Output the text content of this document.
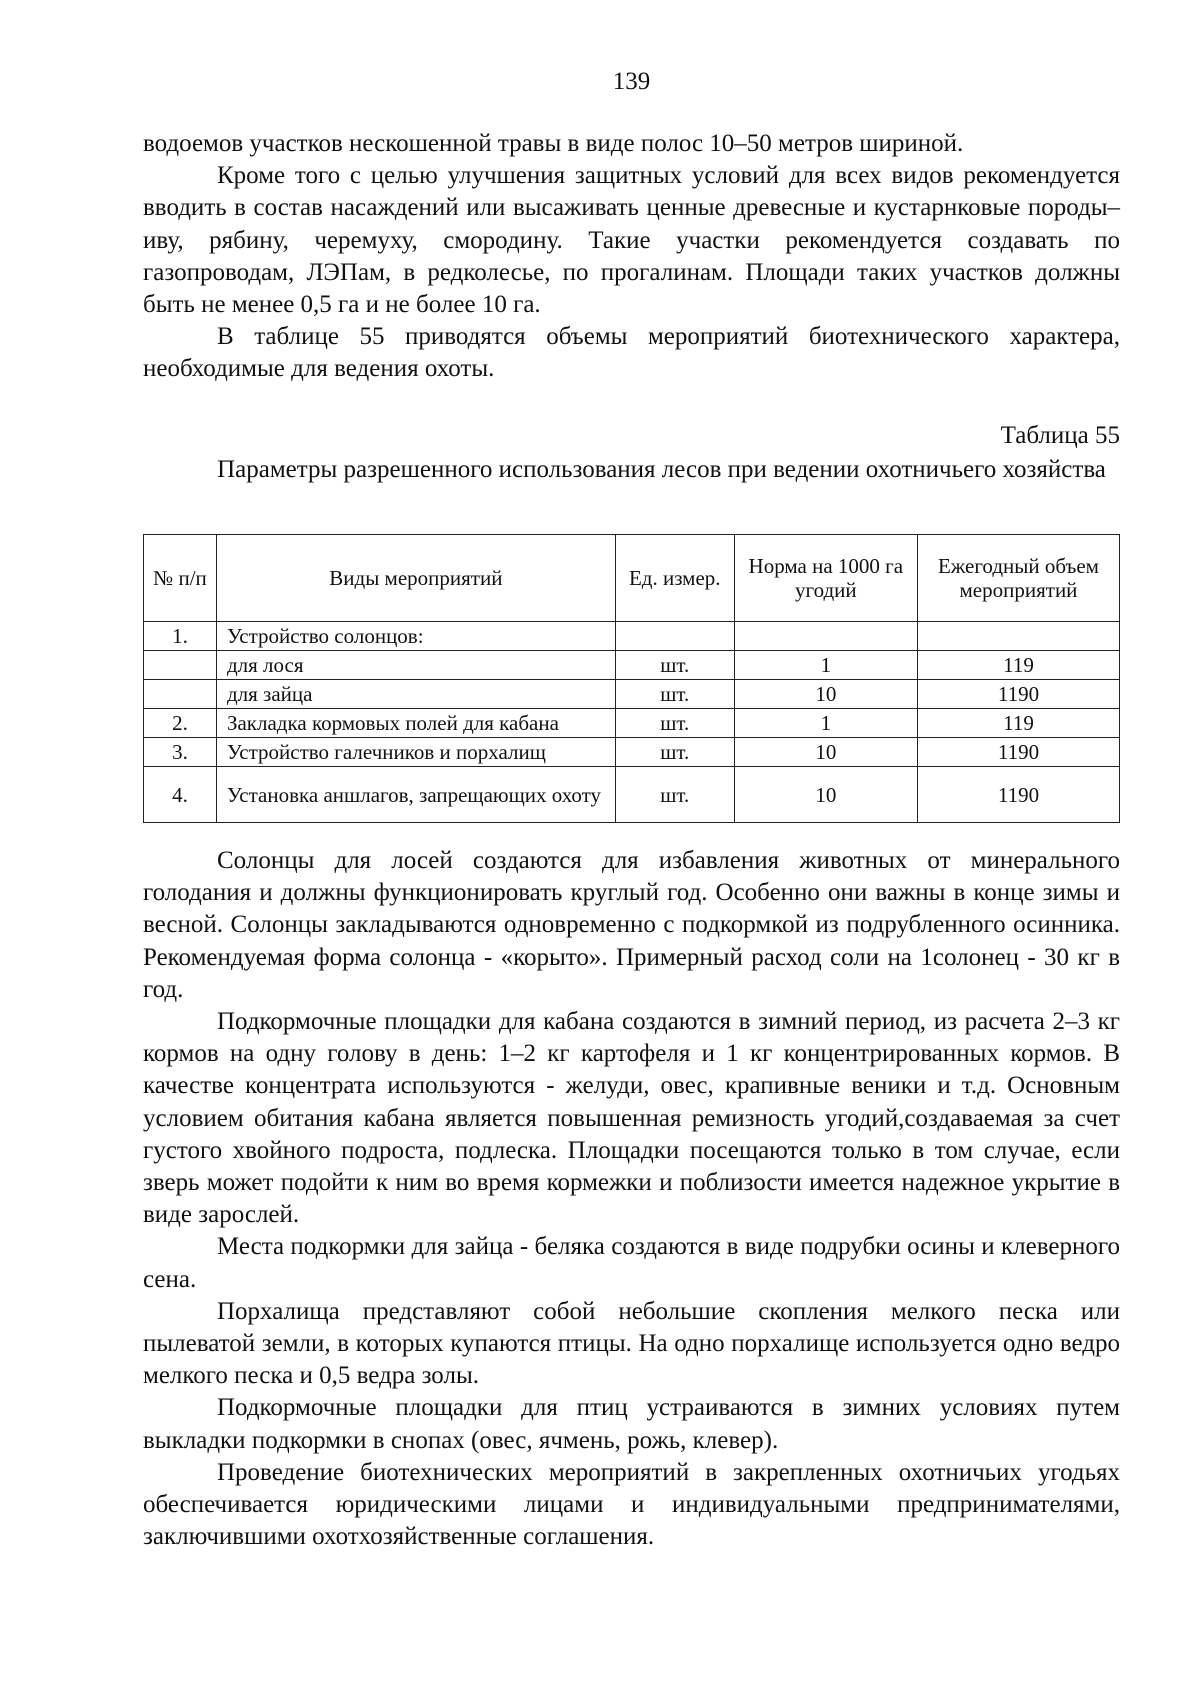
139

водоемов участков нескошенной травы в виде полос 10–50 метров шириной.

Кроме того с целью улучшения защитных условий для всех видов рекомендуется вводить в состав насаждений или высаживать ценные древесные и кустарнковые породы–иву, рябину, черемуху, смородину. Такие участки рекомендуется создавать по газопроводам, ЛЭПам, в редколесье, по прогалинам. Площади таких участков должны быть не менее 0,5 га и не более 10 га.

В таблице 55 приводятся объемы мероприятий биотехнического характера, необходимые для ведения охоты.

Таблица 55
Параметры разрешенного использования лесов при ведении охотничьего хозяйства
№ п/п	Виды мероприятий	Ед. измер.	Норма на 1000 га угодий	Ежегодный объем мероприятий
1.	Устройство солонцов:			
	для лося	шт.	1	119
	для зайца	шт.	10	1190
2.	Закладка кормовых полей для кабана	шт.	1	119
3.	Устройство галечников и порхалищ	шт.	10	1190
4.	Установка аншлагов, запрещающих охоту	шт.	10	1190

Солонцы для лосей создаются для избавления животных от минерального голодания и должны функционировать круглый год. Особенно они важны в конце зимы и весной. Солонцы закладываются одновременно с подкормкой из подрубленного осинника. Рекомендуемая форма солонца - «корыто». Примерный расход соли на 1солонец - 30 кг в год.

Подкормочные площадки для кабана создаются в зимний период, из расчета 2–3 кг кормов на одну голову в день: 1–2 кг картофеля и 1 кг концентрированных кормов. В качестве концентрата используются - желуди, овес, крапивные веники и т.д. Основным условием обитания кабана является повышенная ремизность угодий,создаваемая за счет густого хвойного подроста, подлеска. Площадки посещаются только в том случае, если зверь может подойти к ним во время кормежки и поблизости имеется надежное укрытие в виде зарослей.

Места подкормки для зайца - беляка создаются в виде подрубки осины и клеверного сена.

Порхалища представляют собой небольшие скопления мелкого песка или пылеватой земли, в которых купаются птицы. На одно порхалище используется одно ведро мелкого песка и 0,5 ведра золы.

Подкормочные площадки для птиц устраиваются в зимних условиях путем выкладки подкормки в снопах (овес, ячмень, рожь, клевер).

Проведение биотехнических мероприятий в закрепленных охотничьих угодьях обеспечивается юридическими лицами и индивидуальными предпринимателями, заключившими охотхозяйственные соглашения.
